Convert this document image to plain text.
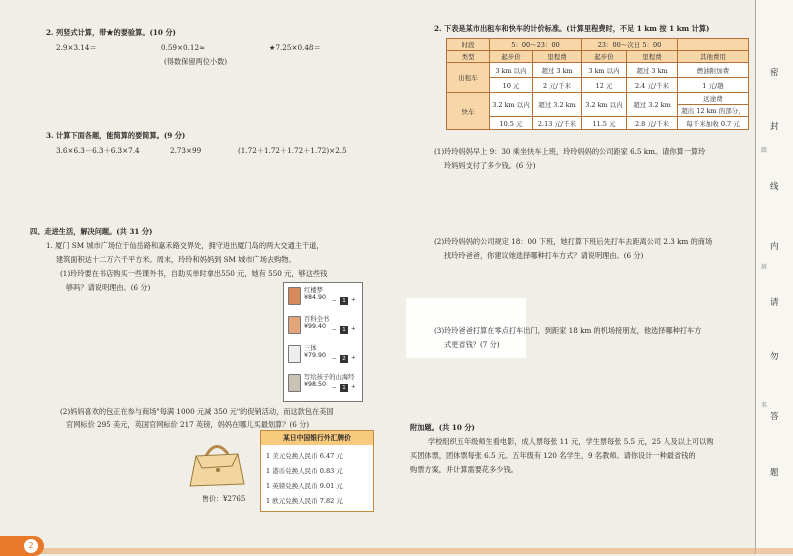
2. 列竖式计算，带★的要验算。(10 分)
2.9×3.14＝	0.59×0.12≈	★7.25×0.48＝
(得数保留两位小数)
3. 计算下面各题，能简算的要简算。(9 分)
3.6×6.3－6.3＋6.3×7.4	2.73×99	(1.72＋1.72＋1.72＋1.72)×2.5
四、走进生活，解决问题。(共 31 分)
1. 厦门 SM 城市广场位于仙岳路和嘉禾路交界处，拥守进出厦门岛的两大交通主干道，
建筑面积达十二万六千平方米。周末，玲玲和妈妈到 SM 城市广场去购物。
(1)玲玲要在书店购买一些课外书，自助买单时拿出550 元，她有 550 元，够这些钱
够吗？请说明理由。(6 分)	红楼梦
¥84.90 −	1 +
百科全书
¥99.40 −	1 +
三体
¥79.90 −	2 +
写给孩子的山海经
¥98.50 −	1 +
(2)妈妈喜欢的包正在参与商场"每满 1000 元减 350 元"的促销活动，而这款包在美国
官网标价 295 美元，英国官网标价 217 英镑，妈妈在哪儿买最划算？(6 分)
售价：¥2765
某日中国银行外汇牌价
1 美元兑换人民币 6.47 元
1 港币兑换人民币 0.83 元
1 英镑兑换人民币 9.01 元
1 欧元兑换人民币 7.82 元
2. 下表是某市出租车和快车的计价标准。(计算里程费时，不足 1 km 按 1 km 计算)
时段	5：00～23：00		23：00～次日 5：00		
类型	起步价	里程费	起步价	里程费	其他费用
出租车	3 km 以内	超过 3 km	3 km 以内	超过 3 km	燃油附加费
	10 元	2 元/千米	12 元	2.4 元/千米	1 元/趟
快车	3.2 km 以内	超过 3.2 km	3.2 km 以内	超过 3.2 km	远途费
					超出 12 km 的部分，
	10.5 元	2.13 元/千米	11.5 元	2.8 元/千米	每千米加收 0.7 元
(1)玲玲妈妈早上 9：30 乘坐快车上班，玲玲妈妈的公司距家 6.5 km。请你算一算玲
玲妈妈支付了多少钱。(6 分)
(2)玲玲妈妈的公司规定 18：00 下班，她打算下班后先打车去距离公司 2.3 km 的商场
找玲玲爸爸，你建议她选择哪种打车方式？请说明理由。(6 分)
(3)玲玲爸爸打算在零点打车出门，到距家 18 km 的机场接朋友，他选择哪种打车方
式更省钱？(7 分)
附加题。(共 10 分)
学校组织五年级师生看电影，成人票每张 11 元，学生票每张 5.5 元，25 人及以上可以购
买团体票，团体票每张 6.5 元。五年级有 120 名学生，9 名教师。请你设计一种最省钱的
购票方案，并计算需要花多少钱。
密
封
线
内
请
勿
答
题
级
班
名
2
